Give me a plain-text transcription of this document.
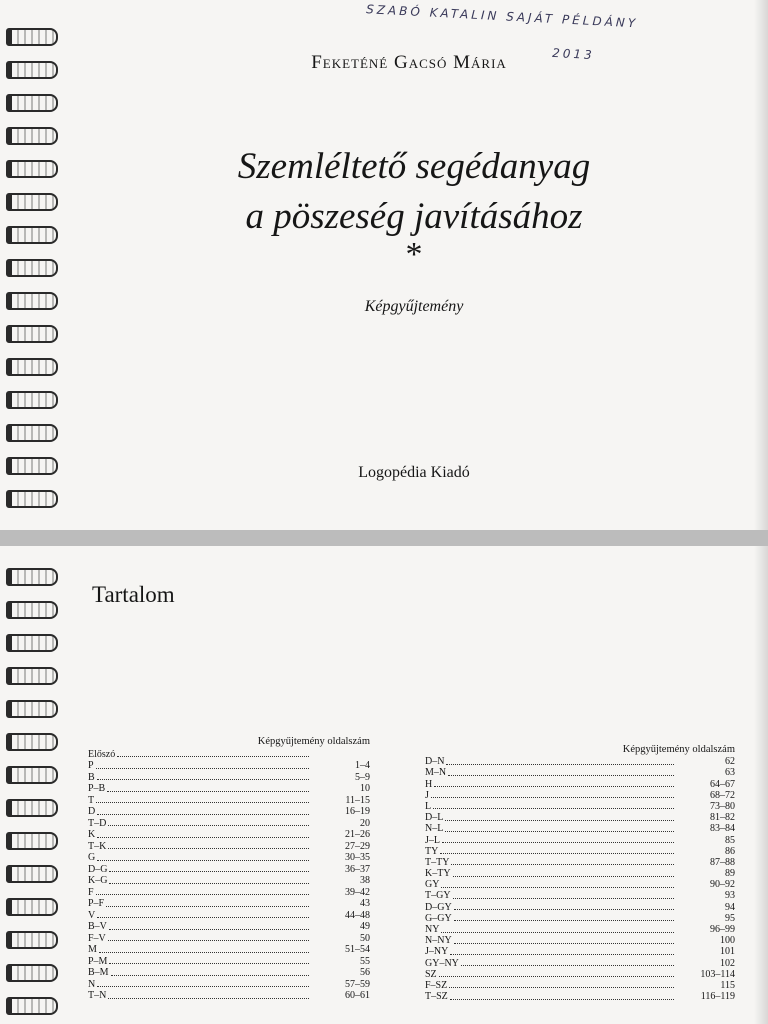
SZABÓ KATALIN SAJÁT PÉLDÁNY
2013
Feketéné Gacsó Mária
Szemléltető segédanyag
a pöszeség javításához
*
Képgyűjtemény
Logopédia Kiadó
Tartalom
Képgyűjtemény oldalszám
Előszó
P	1–4
B	5–9
P–B	10
T	11–15
D	16–19
T–D	20
K	21–26
T–K	27–29
G	30–35
D–G	36–37
K–G	38
F	39–42
P–F	43
V	44–48
B–V	49
F–V	50
M	51–54
P–M	55
B–M	56
N	57–59
T–N	60–61
Képgyűjtemény oldalszám
D–N	62
M–N	63
H	64–67
J	68–72
L	73–80
D–L	81–82
N–L	83–84
J–L	85
TY	86
T–TY	87–88
K–TY	89
GY	90–92
T–GY	93
D–GY	94
G–GY	95
NY	96–99
N–NY	100
J–NY	101
GY–NY	102
SZ	103–114
F–SZ	115
T–SZ	116–119
